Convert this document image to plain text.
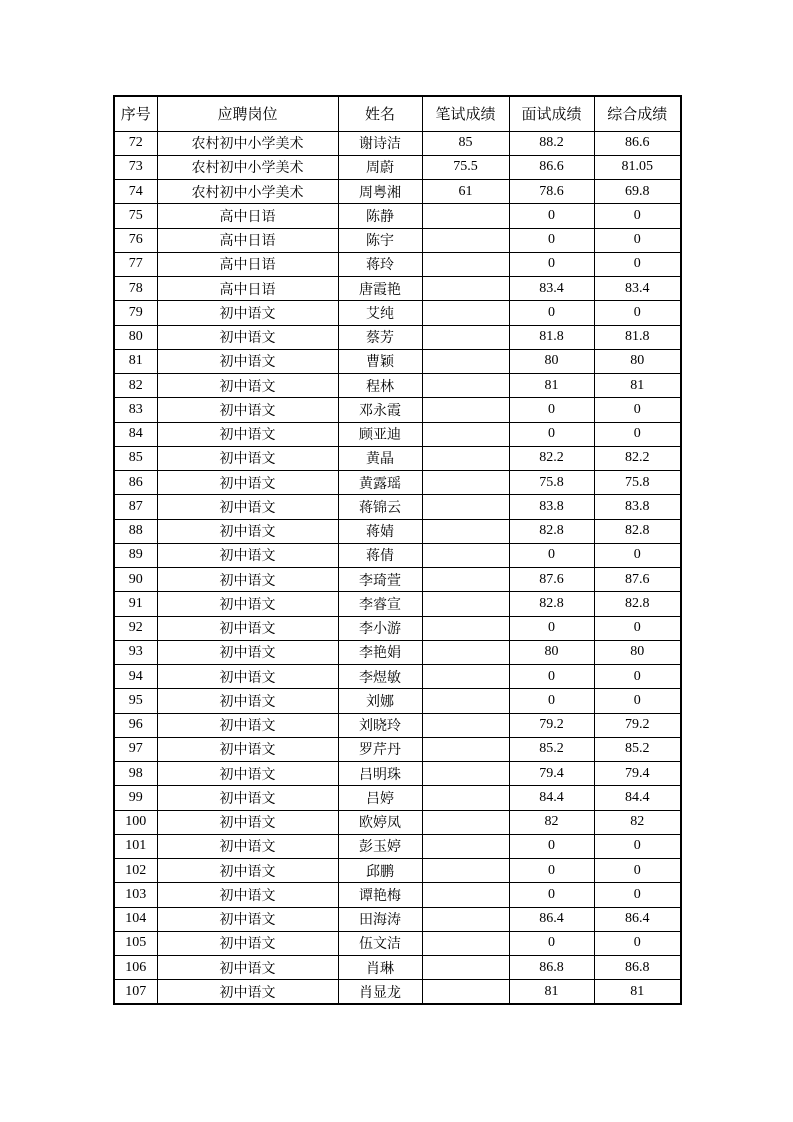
序号	应聘岗位	姓名	笔试成绩	面试成绩	综合成绩
72	农村初中小学美术	谢诗洁	85	88.2	86.6
73	农村初中小学美术	周蔚	75.5	86.6	81.05
74	农村初中小学美术	周粤湘	61	78.6	69.8
75	高中日语	陈静		0	0
76	高中日语	陈宇		0	0
77	高中日语	蒋玲		0	0
78	高中日语	唐霞艳		83.4	83.4
79	初中语文	艾纯		0	0
80	初中语文	蔡芳		81.8	81.8
81	初中语文	曹颖		80	80
82	初中语文	程林		81	81
83	初中语文	邓永霞		0	0
84	初中语文	顾亚迪		0	0
85	初中语文	黄晶		82.2	82.2
86	初中语文	黄露瑶		75.8	75.8
87	初中语文	蒋锦云		83.8	83.8
88	初中语文	蒋婧		82.8	82.8
89	初中语文	蒋倩		0	0
90	初中语文	李琦萱		87.6	87.6
91	初中语文	李睿宣		82.8	82.8
92	初中语文	李小游		0	0
93	初中语文	李艳娟		80	80
94	初中语文	李煜敏		0	0
95	初中语文	刘娜		0	0
96	初中语文	刘晓玲		79.2	79.2
97	初中语文	罗芹丹		85.2	85.2
98	初中语文	吕明珠		79.4	79.4
99	初中语文	吕婷		84.4	84.4
100	初中语文	欧婷凤		82	82
101	初中语文	彭玉婷		0	0
102	初中语文	邱鹏		0	0
103	初中语文	谭艳梅		0	0
104	初中语文	田海涛		86.4	86.4
105	初中语文	伍文洁		0	0
106	初中语文	肖琳		86.8	86.8
107	初中语文	肖显龙		81	81
